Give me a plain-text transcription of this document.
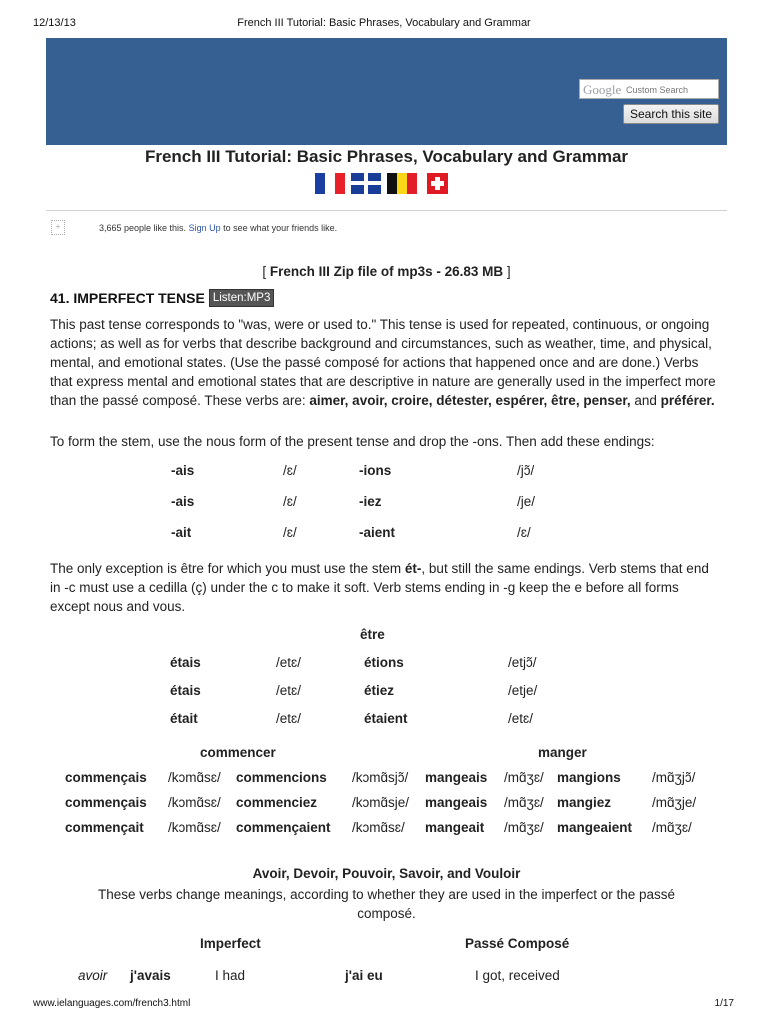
12/13/13	French III Tutorial: Basic Phrases, Vocabulary and Grammar
Google Custom Search
Search this site
French III Tutorial: Basic Phrases, Vocabulary and Grammar
+	3,665 people like this. Sign Up to see what your friends like.
[ French III Zip file of mp3s - 26.83 MB ]
41. IMPERFECT TENSE Listen:MP3
This past tense corresponds to "was, were or used to." This tense is used for repeated, continuous, or ongoing actions; as well as for verbs that describe background and circumstances, such as weather, time, and physical, mental, and emotional states. (Use the passé composé for actions that happened once and are done.) Verbs that express mental and emotional states that are descriptive in nature are generally used in the imperfect more than the passé composé. These verbs are: aimer, avoir, croire, détester, espérer, être, penser, and préférer.
To form the stem, use the nous form of the present tense and drop the -ons. Then add these endings:
-ais	/ɛ/	-ions	/jɔ̃/
-ais	/ɛ/	-iez	/je/
-ait	/ɛ/	-aient	/ɛ/
The only exception is être for which you must use the stem ét-, but still the same endings. Verb stems that end in -c must use a cedilla (ç) under the c to make it soft. Verb stems ending in -g keep the e before all forms except nous and vous.
être
étais	/etɛ/	étions	/etjɔ̃/
étais	/etɛ/	étiez	/etje/
était	/etɛ/	étaient	/etɛ/
commencer	manger
commençais /kɔmɑ̃sɛ/ commencions /kɔmɑ̃sjɔ̃/ mangeais /mɑ̃ʒɛ/ mangions /mɑ̃ʒjɔ̃/
commençais /kɔmɑ̃sɛ/ commenciez	/kɔmɑ̃sje/ mangeais /mɑ̃ʒɛ/ mangiez	/mɑ̃ʒje/
commençait /kɔmɑ̃sɛ/ commençaient /kɔmɑ̃sɛ/ mangeait /mɑ̃ʒɛ/ mangeaient /mɑ̃ʒɛ/
Avoir, Devoir, Pouvoir, Savoir, and Vouloir
These verbs change meanings, according to whether they are used in the imperfect or the passé composé.
Imperfect	Passé Composé
avoir j'avais	I had	j'ai eu	I got, received
www.ielanguages.com/french3.html	1/17
